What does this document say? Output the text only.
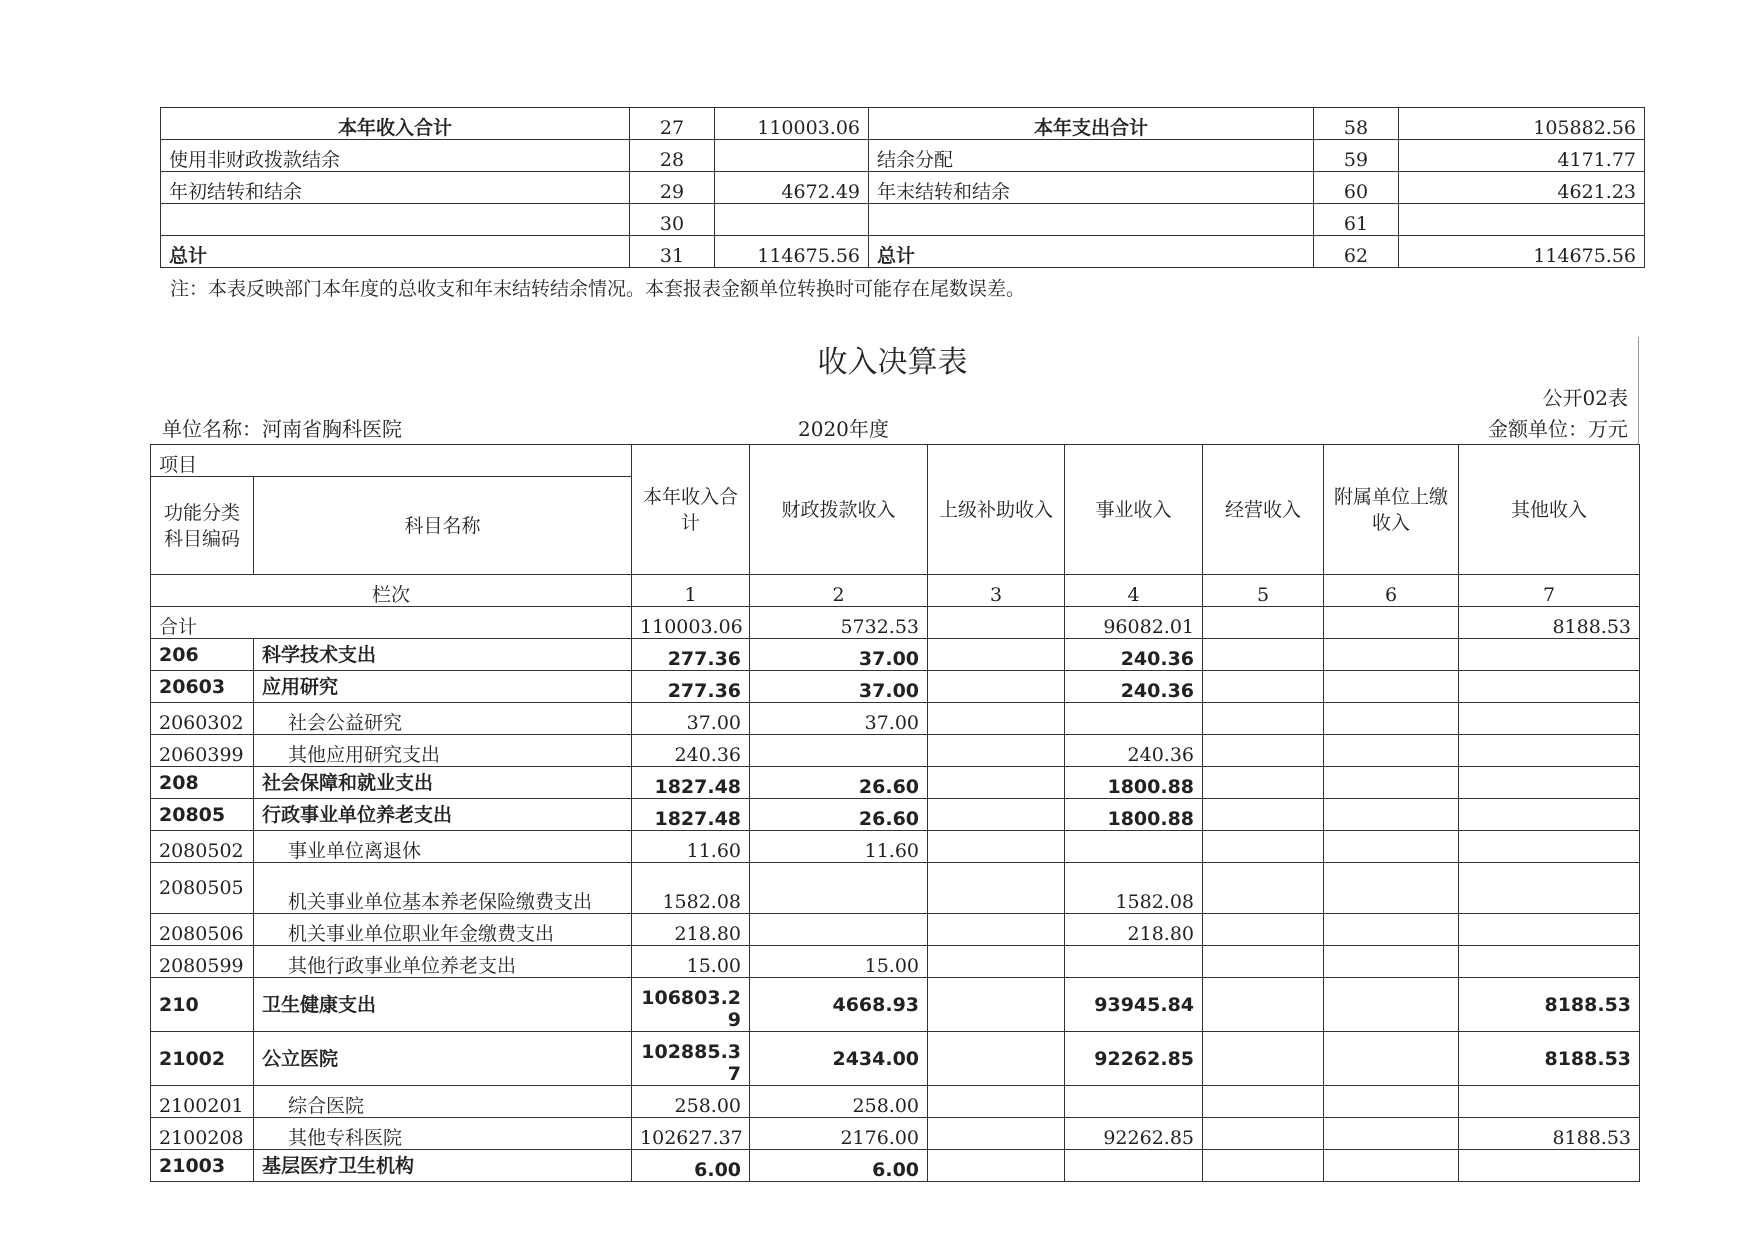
本年收入合计	27	110003.06	本年支出合计	58	105882.56
使用非财政拨款结余	28		结余分配	59	4171.77
年初结转和结余	29	4672.49	年末结转和结余	60	4621.23
	30			61	
总计	31	114675.56	总计	62	114675.56
注：本表反映部门本年度的总收支和年末结转结余情况。本套报表金额单位转换时可能存在尾数误差。
收入决算表
公开02表
单位名称：河南省胸科医院	2020年度	金额单位：万元
项目		本年收入合计	财政拨款收入	上级补助收入	事业收入	经营收入	附属单位上缴收入	其他收入
功能分类科目编码	科目名称							
栏次		1	2	3	4	5	6	7
合计		110003.06	5732.53		96082.01			8188.53
206	科学技术支出	277.36	37.00		240.36			
20603	应用研究	277.36	37.00		240.36			
2060302	社会公益研究	37.00	37.00					
2060399	其他应用研究支出	240.36			240.36			
208	社会保障和就业支出	1827.48	26.60		1800.88			
20805	行政事业单位养老支出	1827.48	26.60		1800.88			
2080502	事业单位离退休	11.60	11.60					
2080505	机关事业单位基本养老保险缴费支出	1582.08			1582.08			
2080506	机关事业单位职业年金缴费支出	218.80			218.80			
2080599	其他行政事业单位养老支出	15.00	15.00					
210	卫生健康支出	106803.29	4668.93		93945.84			8188.53
21002	公立医院	102885.37	2434.00		92262.85			8188.53
2100201	综合医院	258.00	258.00					
2100208	其他专科医院	102627.37	2176.00		92262.85			8188.53
21003	基层医疗卫生机构	6.00	6.00					
